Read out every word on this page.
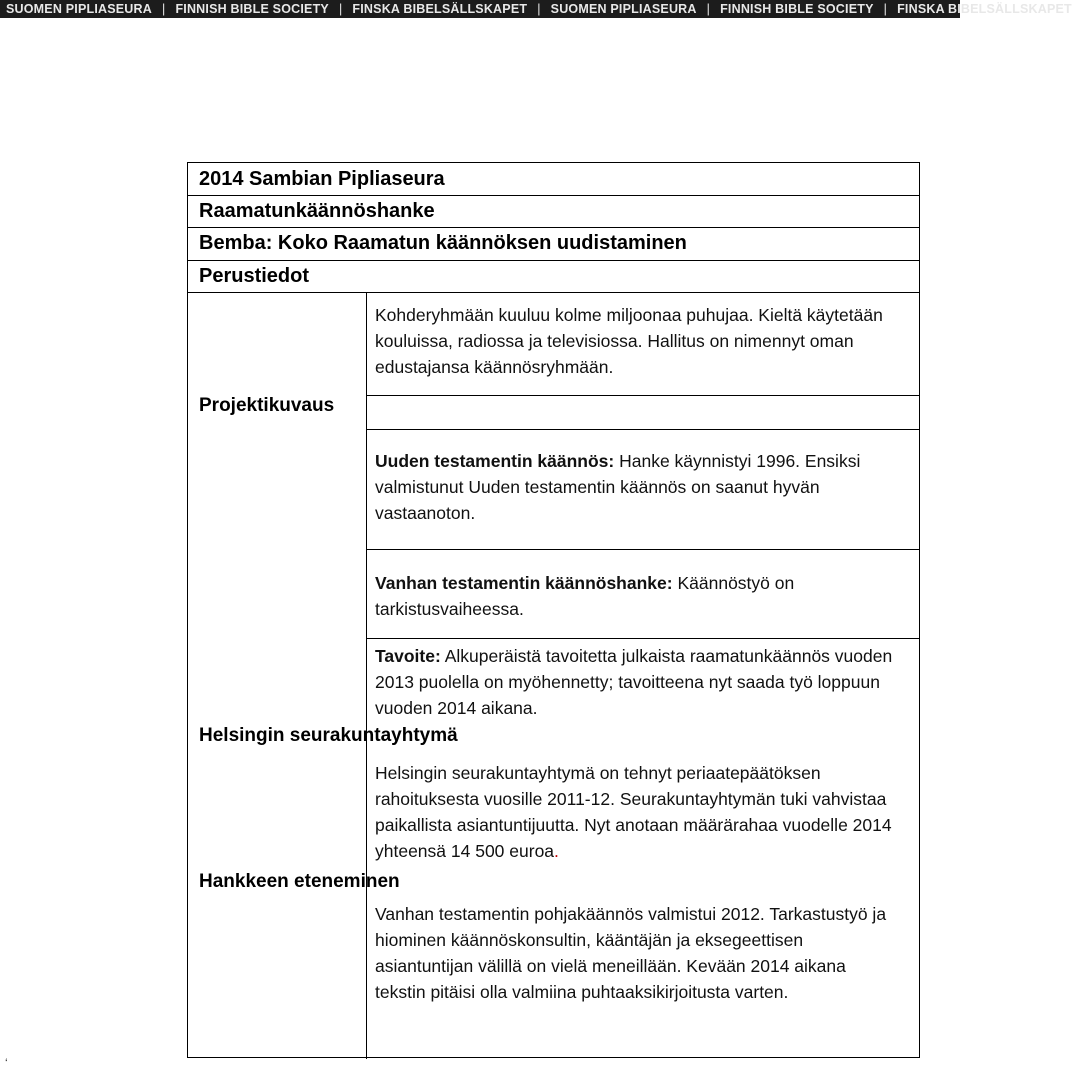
SUOMEN PIPLIASEURA | FINNISH BIBLE SOCIETY | FINSKA BIBELSÄLLSKAPET | SUOMEN PIPLIASEURA | FINNISH BIBLE SOCIETY | FINSKA BIBELSÄLLSKAPET
2014 Sambian Pipliaseura
Raamatunkäännöshanke
Bemba: Koko Raamatun käännöksen uudistaminen
Perustiedot
Kohderyhmään kuuluu kolme miljoonaa puhujaa. Kieltä käytetään kouluissa, radiossa ja televisiossa. Hallitus on nimennyt oman edustajansa käännösryhmään.
Projektikuvaus
Uuden testamentin käännös: Hanke käynnistyi 1996. Ensiksi valmistunut Uuden testamentin käännös on saanut hyvän vastaanoton.
Vanhan testamentin käännöshanke: Käännöstyö on tarkistusvaiheessa.
Tavoite: Alkuperäistä tavoitetta julkaista raamatunkäännös vuoden 2013 puolella on myöhennetty; tavoitteena nyt saada työ loppuun vuoden 2014 aikana.
Helsingin seurakuntayhtymä
Helsingin seurakuntayhtymä on tehnyt periaatepäätöksen rahoituksesta vuosille 2011-12. Seurakuntayhtymän tuki vahvistaa paikallista asiantuntijuutta. Nyt anotaan määrärahaa vuodelle 2014 yhteensä 14 500 euroa.
Hankkeen eteneminen
Vanhan testamentin pohjakäännös valmistui 2012. Tarkastustyö ja hiominen käännöskonsultin, kääntäjän ja eksegeettisen asiantuntijan välillä on vielä meneillään. Kevään 2014 aikana tekstin pitäisi olla valmiina puhtaaksikirjoitusta varten.
‘
